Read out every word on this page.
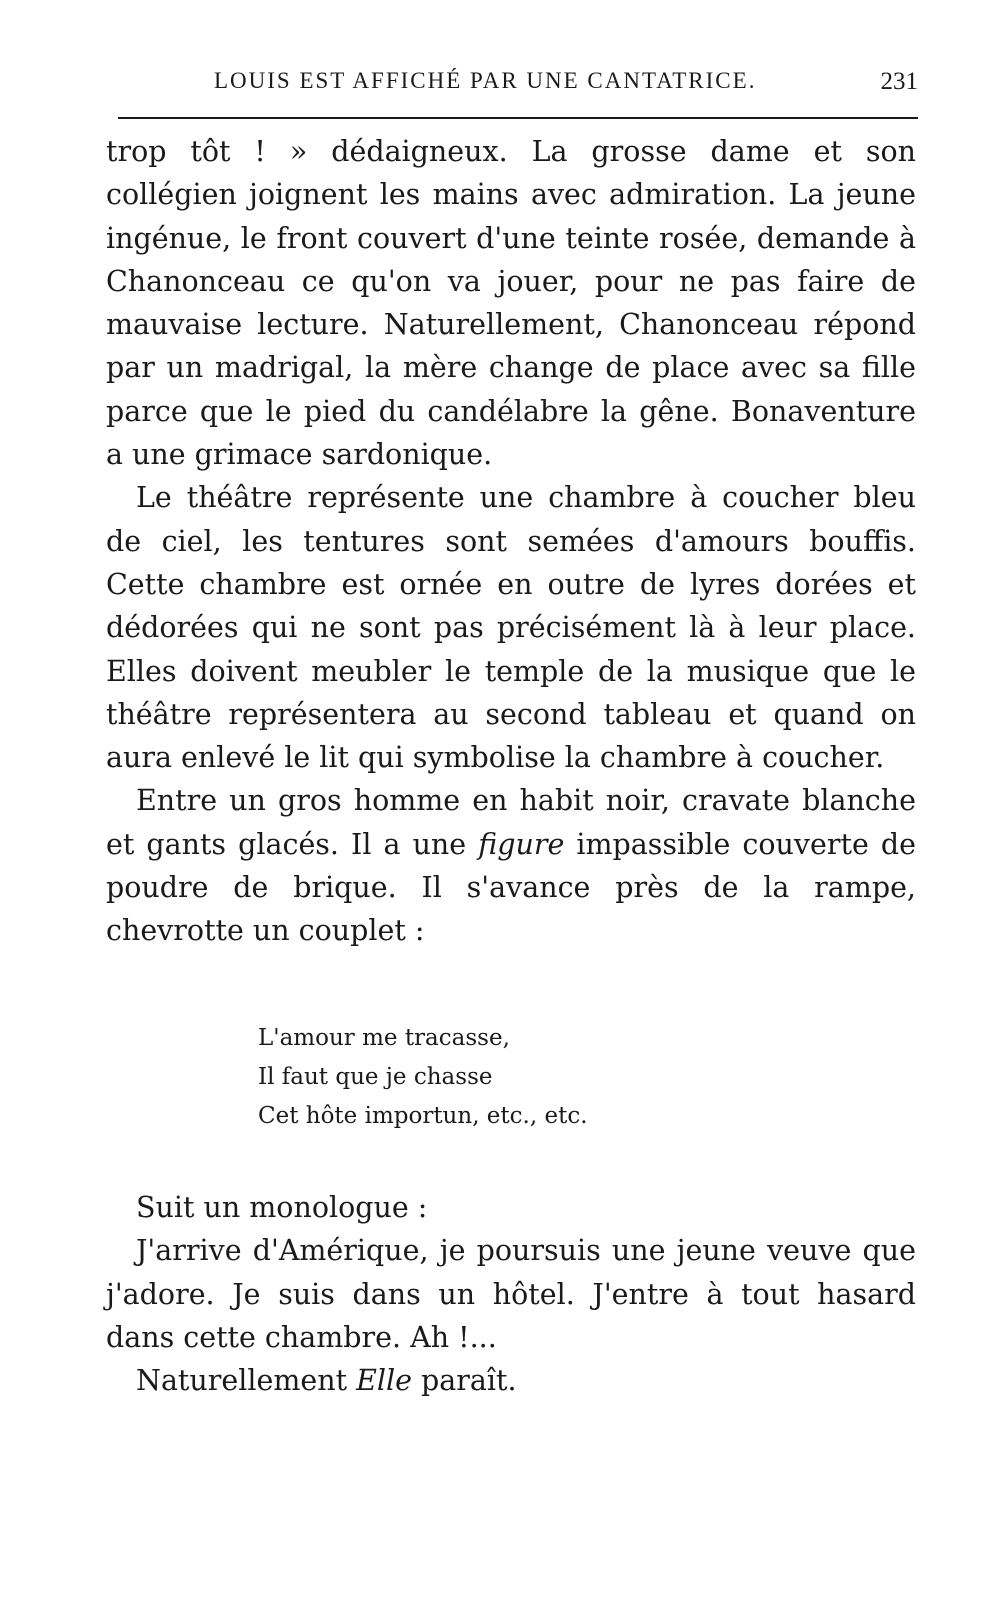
LOUIS EST AFFICHÉ PAR UNE CANTATRICE.	231

trop tôt ! » dédaigneux. La grosse dame et son collégien joignent les mains avec admiration. La jeune ingénue, le front couvert d'une teinte rosée, demande à Chanonceau ce qu'on va jouer, pour ne pas faire de mauvaise lecture. Naturellement, Chanonceau répond par un madrigal, la mère change de place avec sa fille parce que le pied du candélabre la gêne. Bonaventure a une grimace sardonique.

Le théâtre représente une chambre à coucher bleu de ciel, les tentures sont semées d'amours bouffis. Cette chambre est ornée en outre de lyres dorées et dédorées qui ne sont pas précisément là à leur place. Elles doivent meubler le temple de la musique que le théâtre représentera au second tableau et quand on aura enlevé le lit qui symbolise la chambre à coucher.

Entre un gros homme en habit noir, cravate blanche et gants glacés. Il a une figure impassible couverte de poudre de brique. Il s'avance près de la rampe, chevrotte un couplet :

L'amour me tracasse,
Il faut que je chasse
Cet hôte importun, etc., etc.

Suit un monologue :

J'arrive d'Amérique, je poursuis une jeune veuve que j'adore. Je suis dans un hôtel. J'entre à tout hasard dans cette chambre. Ah !...

Naturellement Elle paraît.
